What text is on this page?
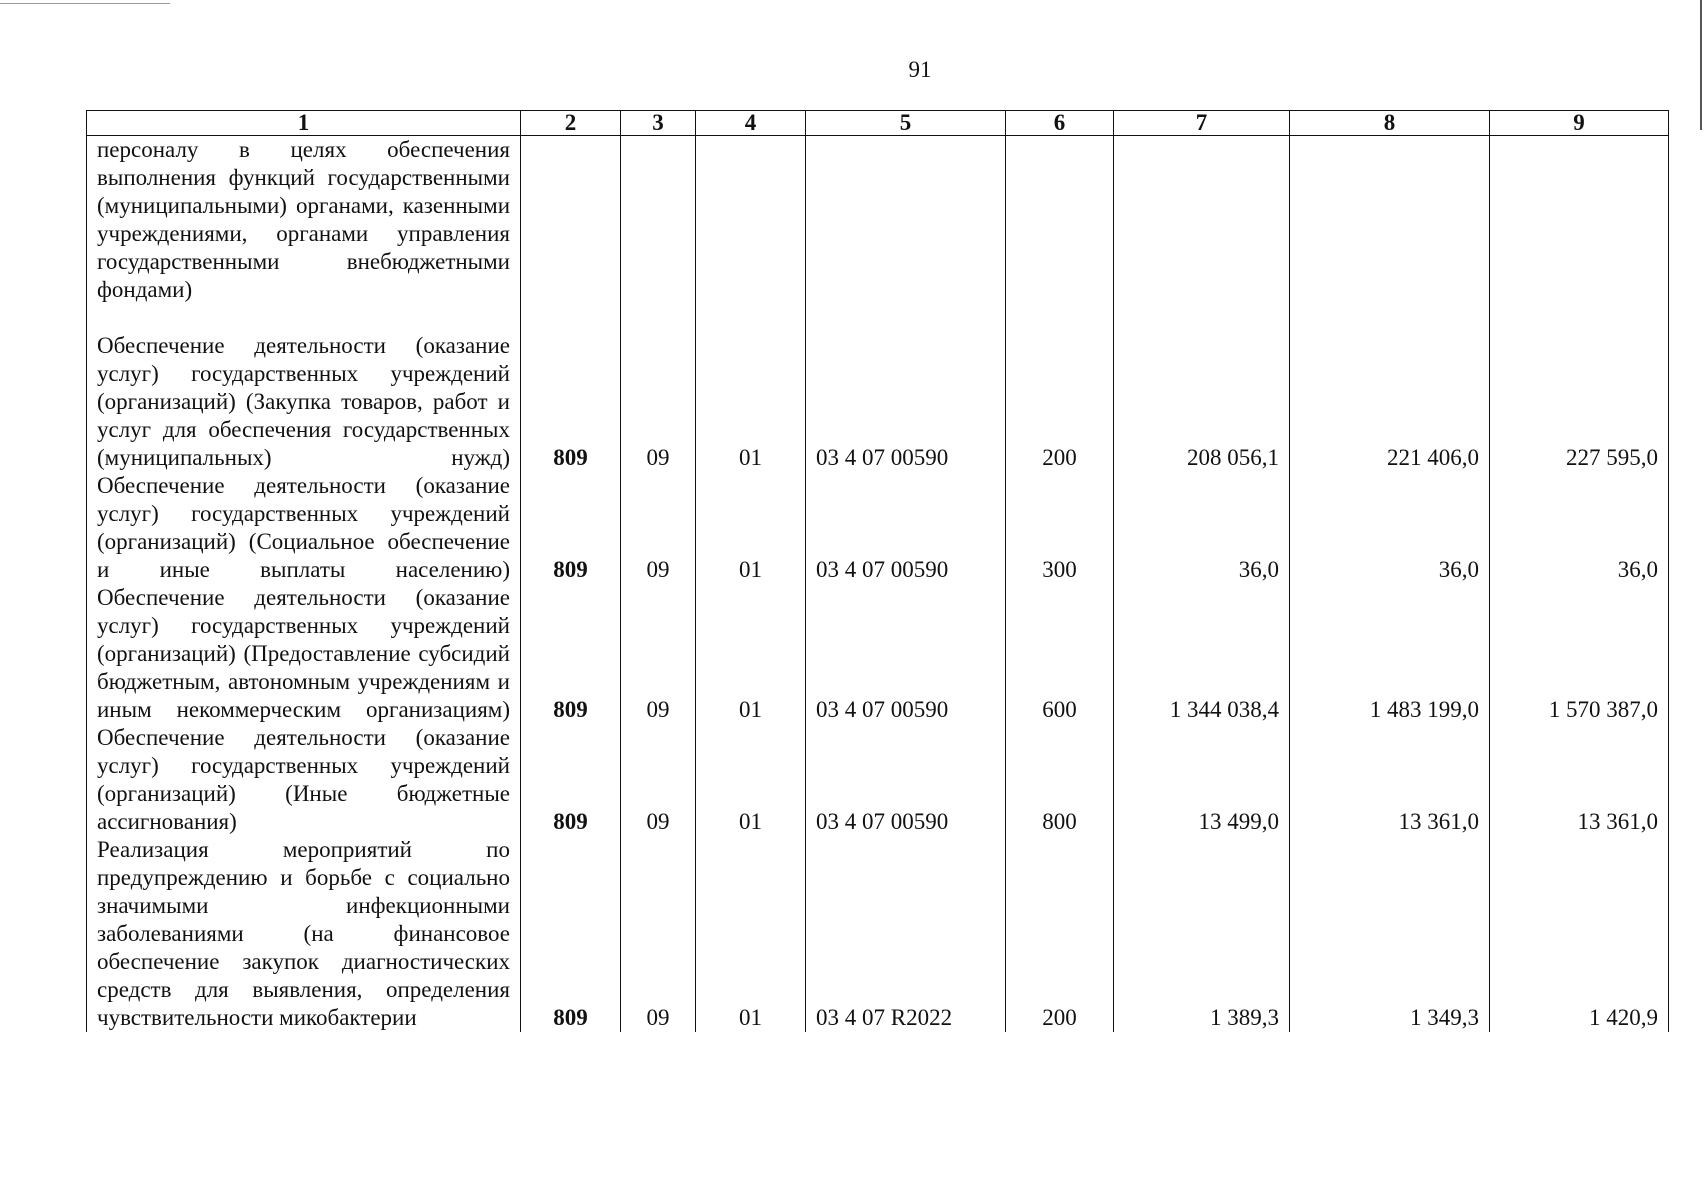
91
1	2	3	4	5	6	7	8	9
персоналу в целях обеспечения выполнения функций государственными (муниципальными) органами, казенными учреждениями, органами управления государственными внебюджетными фондами)								
Обеспечение деятельности (оказание услуг) государственных учреждений (организаций) (Закупка товаров, работ и услуг для обеспечения государственных (муниципальных) нужд)	809	09	01	03 4 07 00590	200	208 056,1	221 406,0	227 595,0
Обеспечение деятельности (оказание услуг) государственных учреждений (организаций) (Социальное обеспечение и иные выплаты населению)	809	09	01	03 4 07 00590	300	36,0	36,0	36,0
Обеспечение деятельности (оказание услуг) государственных учреждений (организаций) (Предоставление субсидий бюджетным, автономным учреждениям и иным некоммерческим организациям)	809	09	01	03 4 07 00590	600	1 344 038,4	1 483 199,0	1 570 387,0
Обеспечение деятельности (оказание услуг) государственных учреждений (организаций) (Иные бюджетные ассигнования)	809	09	01	03 4 07 00590	800	13 499,0	13 361,0	13 361,0
Реализация мероприятий по предупреждению и борьбе с социально значимыми инфекционными заболеваниями (на финансовое обеспечение закупок диагностических средств для выявления, определения чувствительности микобактерии	809	09	01	03 4 07 R2022	200	1 389,3	1 349,3	1 420,9
